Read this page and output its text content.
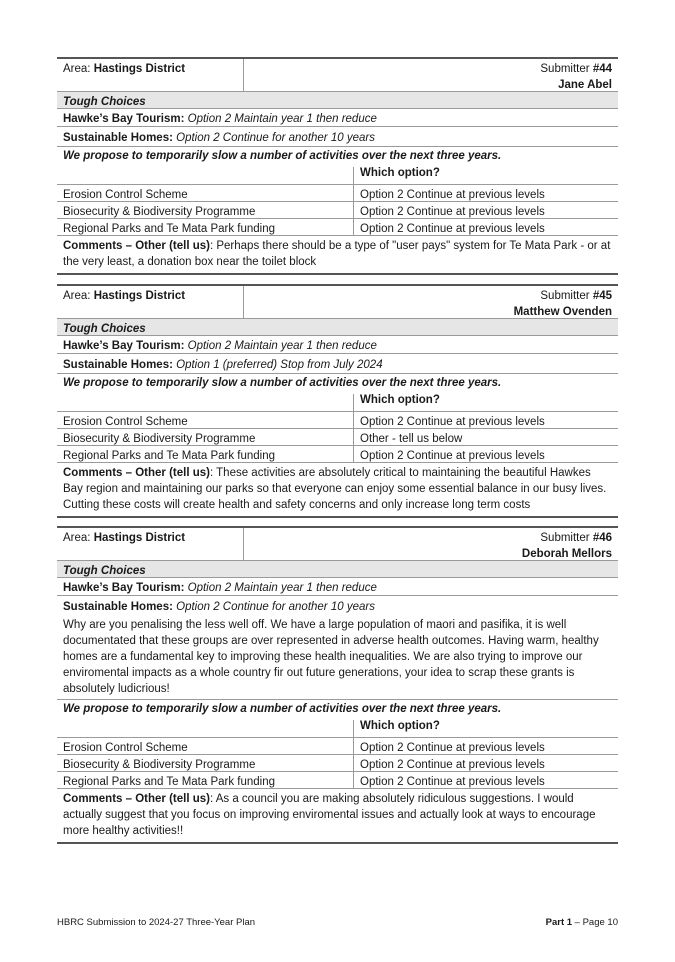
Area: Hastings District	Submitter #44
Jane Abel
Tough Choices
Hawke’s Bay Tourism: Option 2 Maintain year 1 then reduce
Sustainable Homes: Option 2 Continue for another 10 years
We propose to temporarily slow a number of activities over the next three years.
Which option?
Erosion Control Scheme	Option 2 Continue at previous levels
Biosecurity & Biodiversity Programme	Option 2 Continue at previous levels
Regional Parks and Te Mata Park funding	Option 2 Continue at previous levels
Comments – Other (tell us): Perhaps there should be a type of "user pays" system for Te Mata Park - or at the very least, a donation box near the toilet block
Area: Hastings District	Submitter #45
Matthew Ovenden
Tough Choices
Hawke’s Bay Tourism: Option 2 Maintain year 1 then reduce
Sustainable Homes: Option 1 (preferred) Stop from July 2024
We propose to temporarily slow a number of activities over the next three years.
Which option?
Erosion Control Scheme	Option 2 Continue at previous levels
Biosecurity & Biodiversity Programme	Other - tell us below
Regional Parks and Te Mata Park funding	Option 2 Continue at previous levels
Comments – Other (tell us): These activities are absolutely critical to maintaining the beautiful Hawkes Bay region and maintaining our parks so that everyone can enjoy some essential balance in our busy lives. Cutting these costs will create health and safety concerns and only increase long term costs
Area: Hastings District	Submitter #46
Deborah Mellors
Tough Choices
Hawke’s Bay Tourism: Option 2 Maintain year 1 then reduce
Sustainable Homes: Option 2 Continue for another 10 years
Why are you penalising the less well off. We have a large population of maori and pasifika, it is well documentated that these groups are over represented in adverse health outcomes. Having warm, healthy homes are a fundamental key to improving these health inequalities. We are also trying to improve our enviromental impacts as a whole country fir out future generations, your idea to scrap these grants is absolutely ludicrious!
We propose to temporarily slow a number of activities over the next three years.
Which option?
Erosion Control Scheme	Option 2 Continue at previous levels
Biosecurity & Biodiversity Programme	Option 2 Continue at previous levels
Regional Parks and Te Mata Park funding	Option 2 Continue at previous levels
Comments – Other (tell us): As a council you are making absolutely ridiculous suggestions. I would actually suggest that you focus on improving enviromental issues and actually look at ways to encourage more healthy activities!!
HBRC Submission to 2024-27 Three-Year Plan	Part 1 – Page 10
